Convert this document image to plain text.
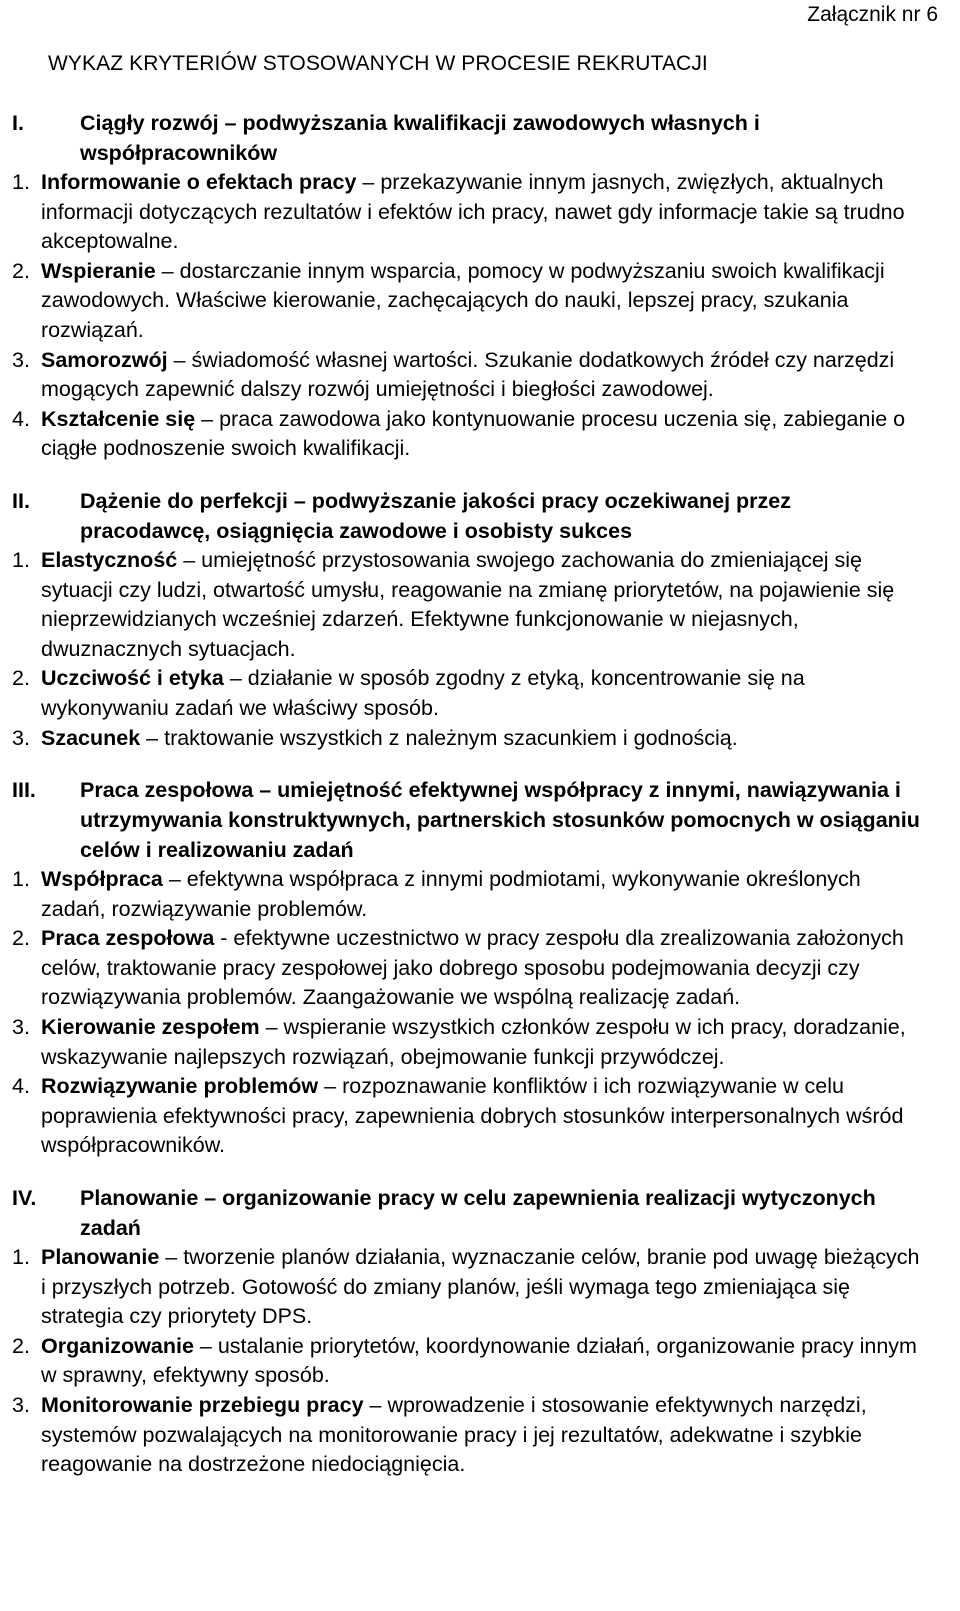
Załącznik nr 6
WYKAZ KRYTERIÓW STOSOWANYCH W PROCESIE REKRUTACJI
I.	Ciągły rozwój – podwyższania kwalifikacji zawodowych własnych i współpracowników
1. Informowanie o efektach pracy – przekazywanie innym jasnych, zwięzłych, aktualnych informacji dotyczących rezultatów i efektów ich pracy, nawet gdy informacje takie są trudno akceptowalne.
2. Wspieranie – dostarczanie innym wsparcia, pomocy w podwyższaniu swoich kwalifikacji zawodowych. Właściwe kierowanie, zachęcających do nauki, lepszej pracy, szukania rozwiązań.
3. Samorozwój – świadomość własnej wartości. Szukanie dodatkowych źródeł czy narzędzi mogących zapewnić dalszy rozwój umiejętności i biegłości zawodowej.
4. Kształcenie się – praca zawodowa jako kontynuowanie procesu uczenia się, zabieganie o ciągłe podnoszenie swoich kwalifikacji.
II. Dążenie do perfekcji – podwyższanie jakości pracy oczekiwanej przez pracodawcę, osiągnięcia zawodowe i osobisty sukces
1. Elastyczność – umiejętność przystosowania swojego zachowania do zmieniającej się sytuacji czy ludzi, otwartość umysłu, reagowanie na zmianę priorytetów, na pojawienie się nieprzewidzianych wcześniej zdarzeń. Efektywne funkcjonowanie w niejasnych, dwuznacznych sytuacjach.
2. Uczciwość i etyka – działanie w sposób zgodny z etyką, koncentrowanie się na wykonywaniu zadań we właściwy sposób.
3. Szacunek – traktowanie wszystkich z należnym szacunkiem i godnością.
III. Praca zespołowa – umiejętność efektywnej współpracy z innymi, nawiązywania i utrzymywania konstruktywnych, partnerskich stosunków pomocnych w osiąganiu celów i realizowaniu zadań
1. Współpraca – efektywna współpraca z innymi podmiotami, wykonywanie określonych zadań, rozwiązywanie problemów.
2. Praca zespołowa - efektywne uczestnictwo w pracy zespołu dla zrealizowania założonych celów, traktowanie pracy zespołowej jako dobrego sposobu podejmowania decyzji czy rozwiązywania problemów. Zaangażowanie we wspólną realizację zadań.
3. Kierowanie zespołem – wspieranie wszystkich członków zespołu w ich pracy, doradzanie, wskazywanie najlepszych rozwiązań, obejmowanie funkcji przywódczej.
4. Rozwiązywanie problemów – rozpoznawanie konfliktów i ich rozwiązywanie w celu poprawienia efektywności pracy, zapewnienia dobrych stosunków interpersonalnych wśród współpracowników.
IV. Planowanie – organizowanie pracy w celu zapewnienia realizacji wytyczonych zadań
1. Planowanie – tworzenie planów działania, wyznaczanie celów, branie pod uwagę bieżących i przyszłych potrzeb. Gotowość do zmiany planów, jeśli wymaga tego zmieniająca się strategia czy priorytety DPS.
2. Organizowanie – ustalanie priorytetów, koordynowanie działań, organizowanie pracy innym w sprawny, efektywny sposób.
3. Monitorowanie przebiegu pracy – wprowadzenie i stosowanie efektywnych narzędzi, systemów pozwalających na monitorowanie pracy i jej rezultatów, adekwatne i szybkie reagowanie na dostrzeżone niedociągnięcia.
